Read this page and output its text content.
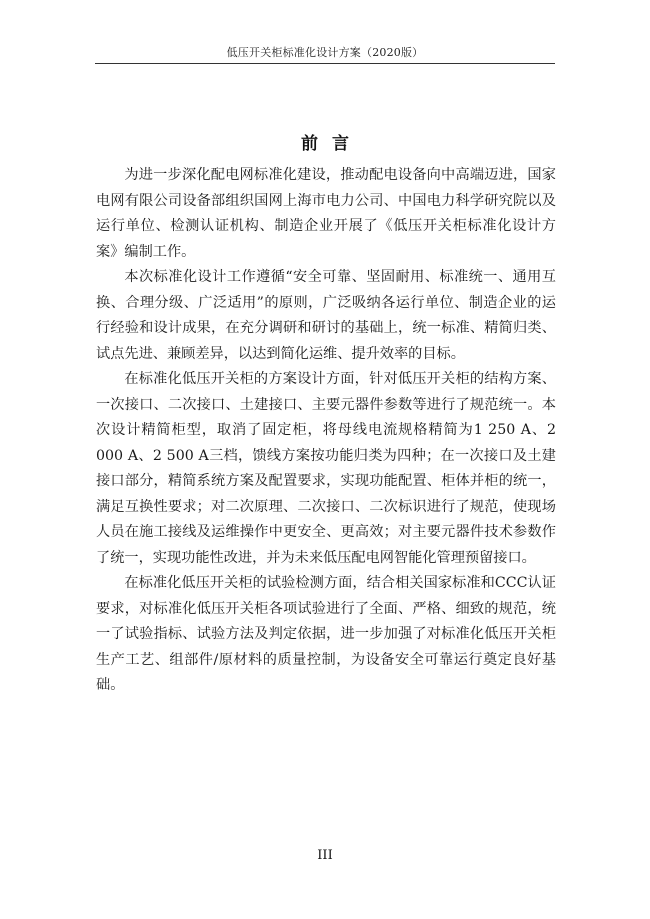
低压开关柜标准化设计方案（2020版）
前言

为进一步深化配电网标准化建设，推动配电设备向中高端迈进，国家电网有限公司设备部组织国网上海市电力公司、中国电力科学研究院以及运行单位、检测认证机构、制造企业开展了《低压开关柜标准化设计方案》编制工作。

本次标准化设计工作遵循“安全可靠、坚固耐用、标准统一、通用互换、合理分级、广泛适用”的原则，广泛吸纳各运行单位、制造企业的运行经验和设计成果，在充分调研和研讨的基础上，统一标准、精简归类、试点先进、兼顾差异，以达到简化运维、提升效率的目标。

在标准化低压开关柜的方案设计方面，针对低压开关柜的结构方案、一次接口、二次接口、土建接口、主要元器件参数等进行了规范统一。本次设计精简柜型，取消了固定柜，将母线电流规格精简为1 250 A、2 000 A、2 500 A三档，馈线方案按功能归类为四种；在一次接口及土建接口部分，精简系统方案及配置要求，实现功能配置、柜体并柜的统一，满足互换性要求；对二次原理、二次接口、二次标识进行了规范，使现场人员在施工接线及运维操作中更安全、更高效；对主要元器件技术参数作了统一，实现功能性改进，并为未来低压配电网智能化管理预留接口。

在标准化低压开关柜的试验检测方面，结合相关国家标准和CCC认证要求，对标准化低压开关柜各项试验进行了全面、严格、细致的规范，统一了试验指标、试验方法及判定依据，进一步加强了对标准化低压开关柜生产工艺、组部件/原材料的质量控制，为设备安全可靠运行奠定良好基础。

III
